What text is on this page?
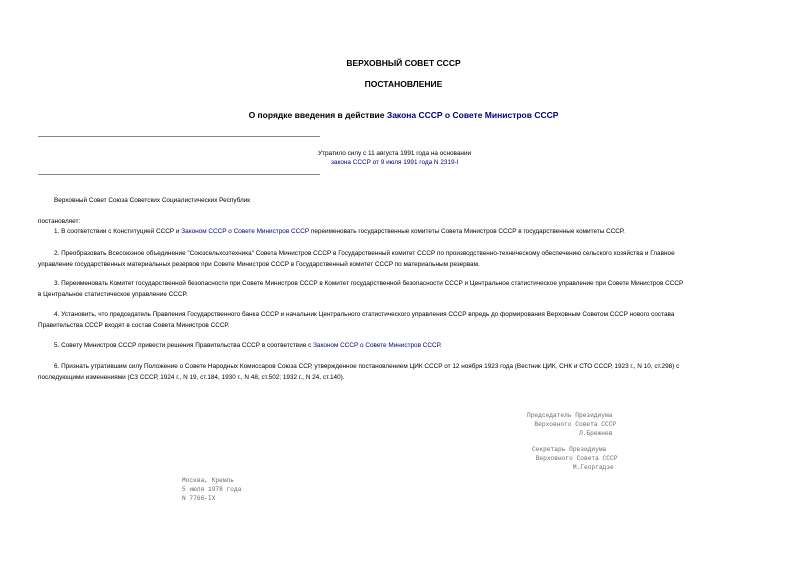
ВЕРХОВНЫЙ СОВЕТ СССР
ПОСТАНОВЛЕНИЕ
О порядке введения в действие Закона СССР о Совете Министров СССР
Утратило силу с 11 августа 1991 года на основании
закона СССР от 9 июля 1991 года N 2319-I
Верховный Совет Союза Советских Социалистических Республик
постановляет:
1. В соответствии с Конституцией СССР и Законом СССР о Совете Министров СССР переименовать государственные комитеты Совета Министров СССР в государственные комитеты СССР.
2. Преобразовать Всесоюзное объединение "Союзсельхозтехника" Совета Министров СССР в Государственный комитет СССР по производственно-техническому обеспечению сельского хозяйства и Главное
управление государственных материальных резервов при Совете Министров СССР в Государственный комитет СССР по материальным резервам.
3. Переименовать Комитет государственной безопасности при Совете Министров СССР в Комитет государственной безопасности СССР и Центральное статистическое управление при Совете Министров СССР
в Центральное статистическое управление СССР.
4. Установить, что председатель Правления Государственного банка СССР и начальник Центрального статистического управления СССР впредь до формирования Верховным Советом СССР нового состава
Правительства СССР входят в состав Совета Министров СССР.
5. Совету Министров СССР привести решения Правительства СССР в соответствие с Законом СССР о Совете Министров СССР.
6. Признать утратившим силу Положение о Совете Народных Комиссаров Союза ССР, утвержденное постановлением ЦИК СССР от 12 ноября 1923 года (Вестник ЦИК, СНК и СТО СССР, 1923 г., N 10, ст.298) с
последующими изменениями (СЗ СССР, 1924 г., N 19, ст.184, 1930 г., N 48, ст.502; 1932 г., N 24, ст.140).
Председатель Президиума
Верховного Совета СССР
Л.Брежнев
Секретарь Президиума
Верховного Совета СССР
М.Георгадзе
Москва, Кремль
5 июля 1978 года
N 7766-IX
